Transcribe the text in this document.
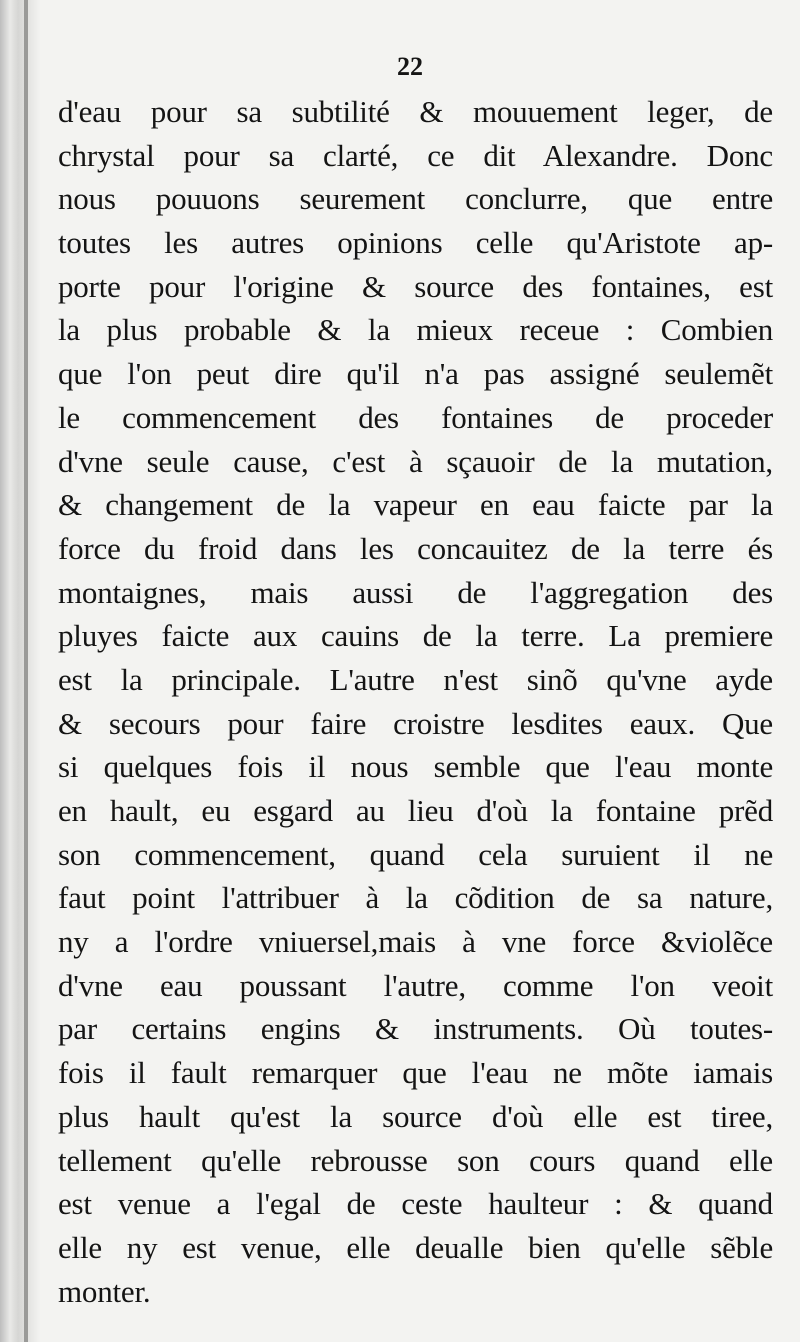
22
d'eau pour sa subtilité & mouuement leger, de
chrystal pour sa clarté, ce dit Alexandre. Donc
nous pouuons seurement conclurre, que entre
toutes les autres opinions celle qu'Aristote ap-
porte pour l'origine & source des fontaines, est
la plus probable & la mieux receue : Combien
que l'on peut dire qu'il n'a pas assigné seulemẽt
le commencement des fontaines de proceder
d'vne seule cause, c'est à sçauoir de la mutation,
& changement de la vapeur en eau faicte par la
force du froid dans les concauitez de la terre és
montaignes, mais aussi de l'aggregation des
pluyes faicte aux cauins de la terre. La premiere
est la principale. L'autre n'est sinõ qu'vne ayde
& secours pour faire croistre lesdites eaux. Que
si quelques fois il nous semble que l'eau monte
en hault, eu esgard au lieu d'où la fontaine prẽd
son commencement, quand cela suruient il ne
faut point l'attribuer à la cõdition de sa nature,
ny a l'ordre vniuersel,mais à vne force &violẽce
d'vne eau poussant l'autre, comme l'on veoit
par certains engins & instruments. Où toutes-
fois il fault remarquer que l'eau ne mõte iamais
plus hault qu'est la source d'où elle est tiree,
tellement qu'elle rebrousse son cours quand elle
est venue a l'egal de ceste haulteur : & quand
elle ny est venue, elle deualle bien qu'elle sẽble
monter.
